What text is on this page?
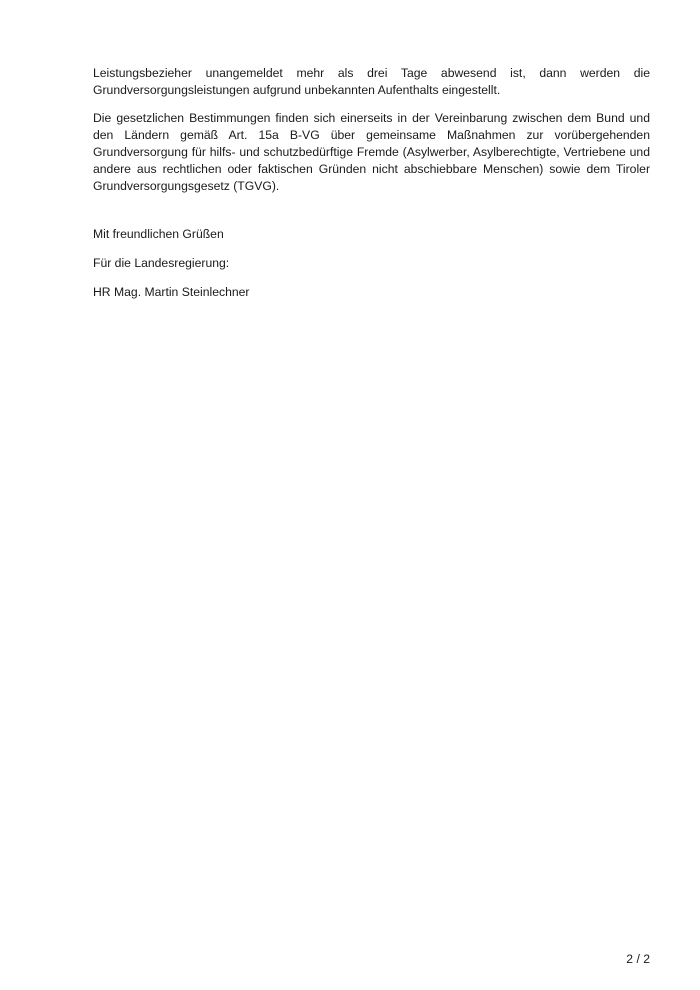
Leistungsbezieher unangemeldet mehr als drei Tage abwesend ist, dann werden die Grundversorgungsleistungen aufgrund unbekannten Aufenthalts eingestellt.

Die gesetzlichen Bestimmungen finden sich einerseits in der Vereinbarung zwischen dem Bund und den Ländern gemäß Art. 15a B-VG über gemeinsame Maßnahmen zur vorübergehenden Grundversorgung für hilfs- und schutzbedürftige Fremde (Asylwerber, Asylberechtigte, Vertriebene und andere aus rechtlichen oder faktischen Gründen nicht abschiebbare Menschen) sowie dem Tiroler Grundversorgungsgesetz (TGVG).

Mit freundlichen Grüßen

Für die Landesregierung:

HR Mag. Martin Steinlechner

2 / 2
